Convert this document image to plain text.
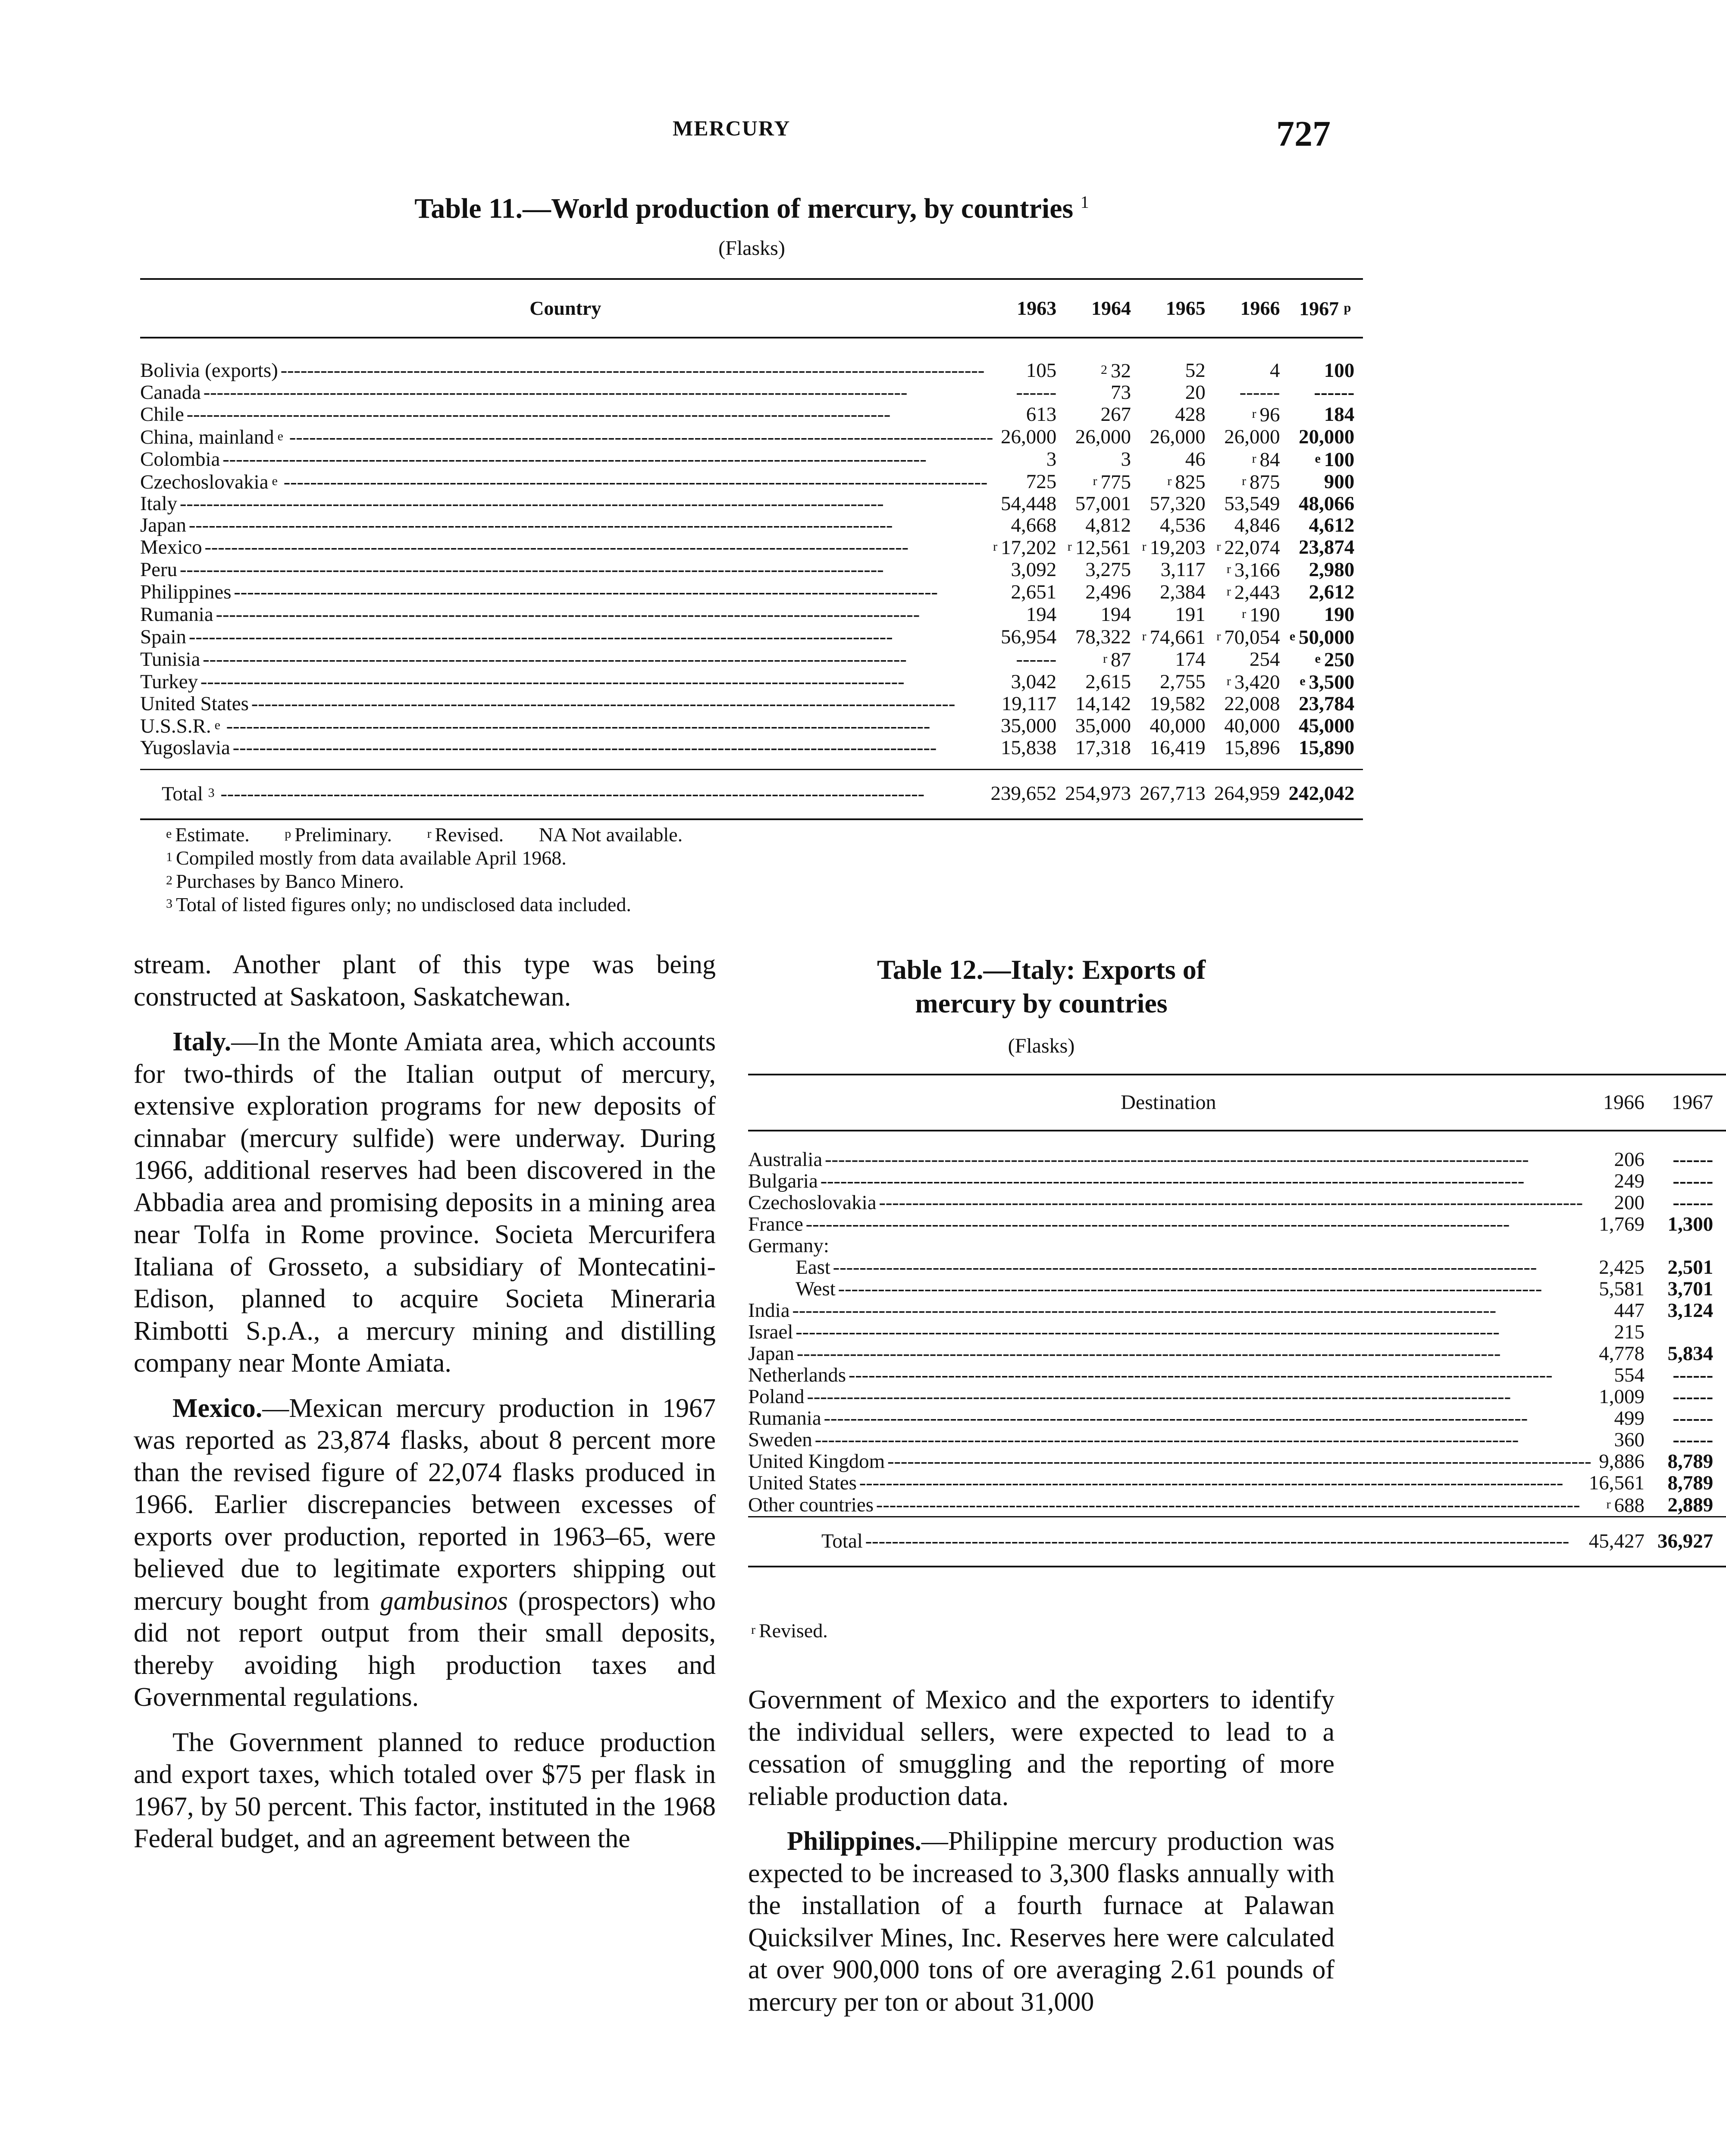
MERCURY	727
Table 11.—World production of mercury, by countries $^1$
(Flasks)
Country	1963	1964	1965	1966	1967 p

Bolivia (exports) - - -	105	2 32	52	4	100

Canada - - -	------	73	20	------	------

Chile - - -	613	267	428	r 96	184

China, mainland e - - -	26,000	26,000	26,000	26,000	20,000

Colombia - - -	3	3	46	r 84	e 100

Czechoslovakia e - - -	725	r 775	r 825	r 875	900

Italy - - -	54,448	57,001	57,320	53,549	48,066

Japan - - -	4,668	4,812	4,536	4,846	4,612

Mexico - - -	r 17,202	r 12,561	r 19,203	r 22,074	23,874

Peru - - -	3,092	3,275	3,117	r 3,166	2,980

Philippines - - -	2,651	2,496	2,384	r 2,443	2,612

Rumania - - -	194	194	191	r 190	190

Spain - - -	56,954	78,322	r 74,661	r 70,054	e 50,000

Tunisia - - -	------	r 87	174	254	e 250

Turkey - - -	3,042	2,615	2,755	r 3,420	e 3,500

United States - - -	19,117	14,142	19,582	22,008	23,784

U.S.S.R. e - - -	35,000	35,000	40,000	40,000	45,000

Yugoslavia - - -	15,838	17,318	16,419	15,896	15,890

Total 3 - - -	239,652	254,973	267,713	264,959	242,042
e Estimate.	p Preliminary.	r Revised. NA Not available.
1 Compiled mostly from data available April 1968.
2 Purchases by Banco Minero.
3 Total of listed figures only; no undisclosed data included.

stream. Another plant of this type was being constructed at Saskatoon, Saskatchewan.

Italy.—In the Monte Amiata area, which accounts for two-thirds of the Italian output of mercury, extensive exploration programs for new deposits of cinnabar (mercury sulfide) were underway. During 1966, additional reserves had been discovered in the Abbadia area and promising deposits in a mining area near Tolfa in Rome province. Societa Mercurifera Italiana of Grosseto, a subsidiary of Montecatini-Edison, planned to acquire Societa Mineraria Rimbotti S.p.A., a mercury mining and distilling company near Monte Amiata.

Mexico.—Mexican mercury production in 1967 was reported as 23,874 flasks, about 8 percent more than the revised figure of 22,074 flasks produced in 1966. Earlier discrepancies between excesses of exports over production, reported in 1963–65, were believed due to legitimate exporters shipping out mercury bought from gambusinos (prospectors) who did not report output from their small deposits, thereby avoiding high production taxes and Governmental regulations.

The Government planned to reduce production and export taxes, which totaled over $75 per flask in 1967, by 50 percent. This factor, instituted in the 1968 Federal budget, and an agreement between the

Table 12.—Italy: Exports of
mercury by countries
(Flasks)
Destination	1966	1967

Australia - - -	206	------

Bulgaria - - -	249	------

Czechoslovakia - - -	200	------

France - - -	1,769	1,300

Germany:		

East - - -	2,425	2,501

West - - -	5,581	3,701

India - - -	447	3,124

Israel - - -	215	

Japan - - -	4,778	5,834

Netherlands - - -	554	------

Poland - - -	1,009	------

Rumania - - -	499	------

Sweden - - -	360	------

United Kingdom - - -	9,886	8,789

United States - - -	16,561	8,789

Other countries - - -	r 688	2,889

Total - - -	45,427	36,927
r Revised.

Government of Mexico and the exporters to identify the individual sellers, were expected to lead to a cessation of smuggling and the reporting of more reliable production data.

Philippines.—Philippine mercury production was expected to be increased to 3,300 flasks annually with the installation of a fourth furnace at Palawan Quicksilver Mines, Inc. Reserves here were calculated at over 900,000 tons of ore averaging 2.61 pounds of mercury per ton or about 31,000
